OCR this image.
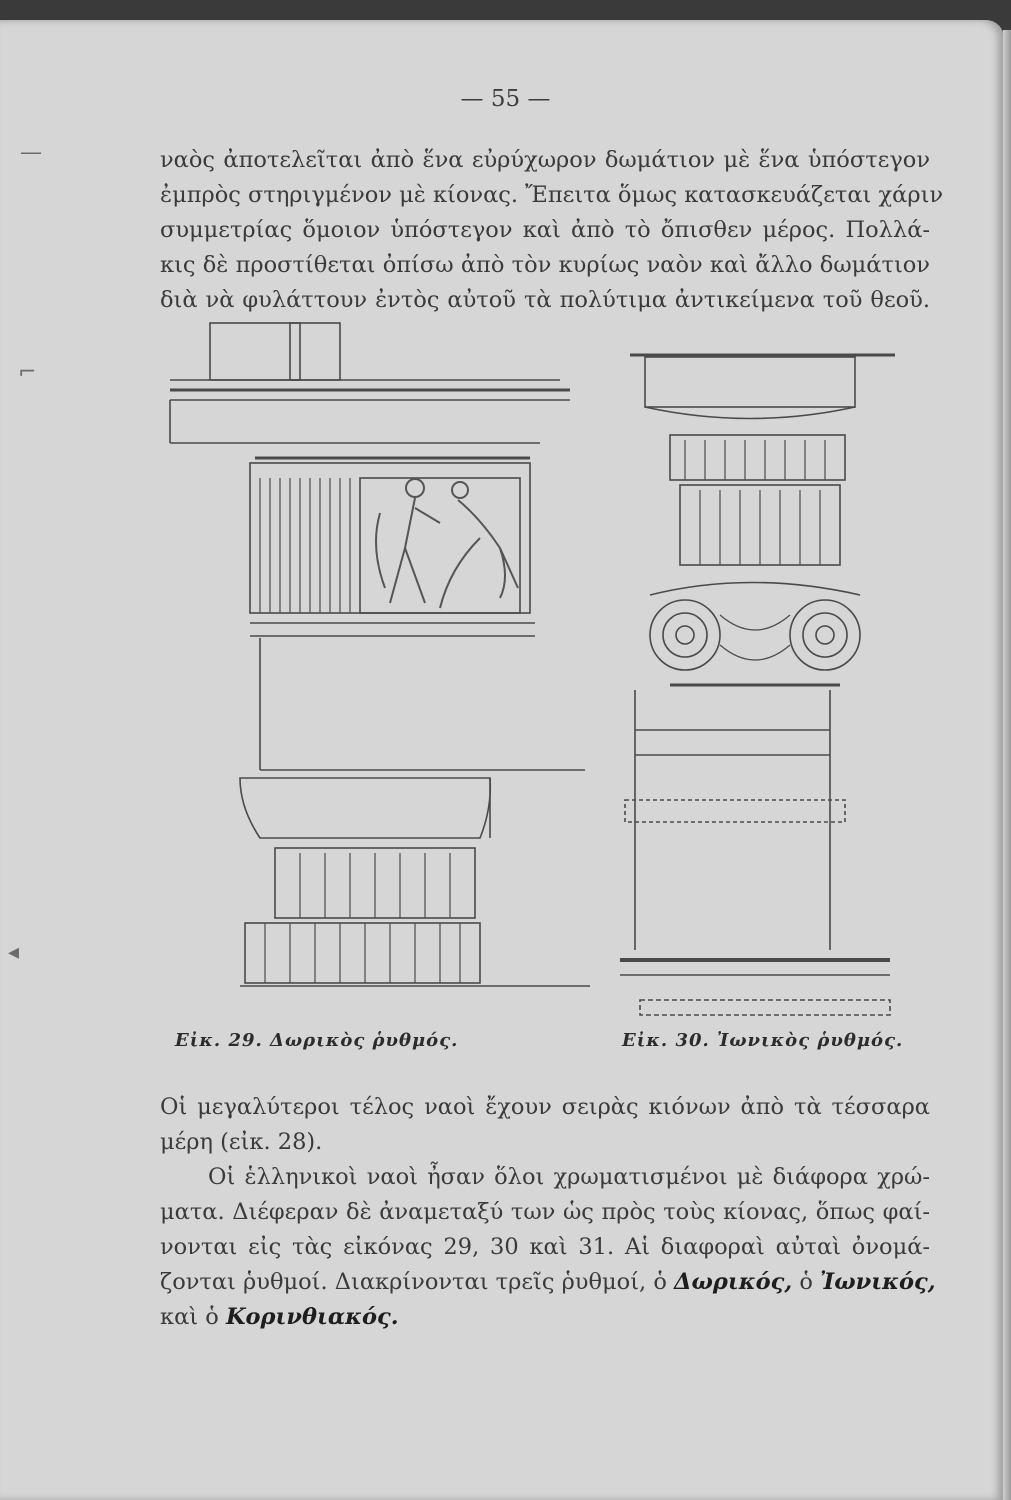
—
⌐
◂
— 55 —

ναὸς ἀποτελεῖται ἀπὸ ἕνα εὐρύχωρον δωμάτιον μὲ ἕνα ὑπόστεγον
ἐμπρὸς στηριγμένον μὲ κίονας. Ἔπειτα ὅμως κατασκευάζεται χάριν
συμμετρίας ὅμοιον ὑπόστεγον καὶ ἀπὸ τὸ ὄπισθεν μέρος. Πολλά-
κις δὲ προστίθεται ὀπίσω ἀπὸ τὸν κυρίως ναὸν καὶ ἄλλο δωμάτιον
διὰ νὰ φυλάττουν ἐντὸς αὐτοῦ τὰ πολύτιμα ἀντικείμενα τοῦ θεοῦ.

Εἰκ. 29. Δωρικὸς ῥυθμός.	Εἰκ. 30. Ἰωνικὸς ῥυθμός.

Οἱ μεγαλύτεροι τέλος ναοὶ ἔχουν σειρὰς κιόνων ἀπὸ τὰ τέσσαρα
μέρη (εἰκ. 28).

Οἱ ἑλληνικοὶ ναοὶ ἦσαν ὅλοι χρωματισμένοι μὲ διάφορα χρώ-
ματα. Διέφεραν δὲ ἀναμεταξύ των ὡς πρὸς τοὺς κίονας, ὅπως φαί-
νονται εἰς τὰς εἰκόνας 29, 30 καὶ 31. Αἱ διαφοραὶ αὐταὶ ὀνομά-
ζονται ῥυθμοί. Διακρίνονται τρεῖς ῥυθμοί, ὁ Δωρικός, ὁ Ἰωνικός,
καὶ ὁ Κορινθιακός.
